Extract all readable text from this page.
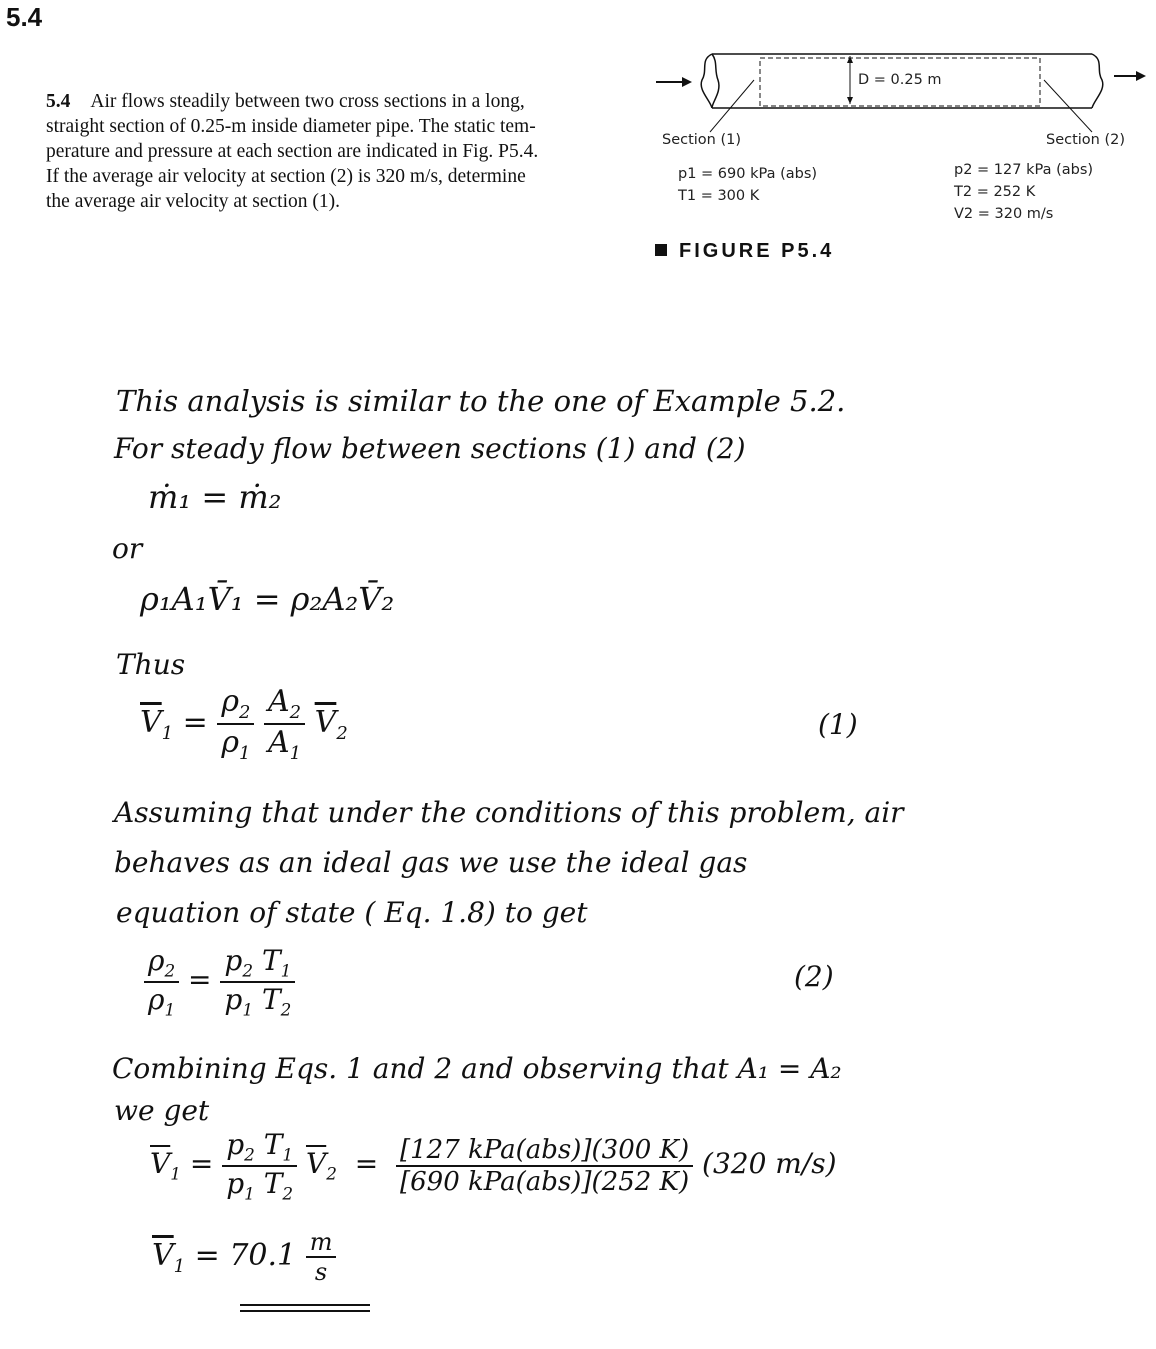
5.4
5.4 Air flows steadily between two cross sections in a long,
straight section of 0.25-m inside diameter pipe. The static tem-
perature and pressure at each section are indicated in Fig. P5.4.
If the average air velocity at section (2) is 320 m/s, determine
the average air velocity at section (1).
D = 0.25 m
Section (1)	Section (2)
p1 = 690 kPa (abs)
T1 = 300 K
p2 = 127 kPa (abs)
T2 = 252 K
V2 = 320 m/s
FIGURE P5.4
This analysis is similar to the one of Example 5.2.
For steady flow between sections (1) and (2)
ṁ₁ = ṁ₂
or
ρ₁A₁V̄₁ = ρ₂A₂V̄₂
Thus
$\overline{V}_1 = \frac{\rho_2}{\rho_1}$
$\frac{A_2}{A_1} \overline{V}_2$	(1)
Assuming that under the conditions of this problem, air
behaves as an ideal gas we use the ideal gas
equation of state ( Eq. 1.8) to get
$\frac{\rho_2}{\rho_1} = \frac{p_2 T_1}{p_1 T_2}$	(2)
Combining Eqs. 1 and 2 and observing that A₁ = A₂
we get
$\overline{V}_1 = \frac{p_2 T_1}{p_1 T_2} \overline{V}_2 = \frac{\text{[127 kPa(abs)](300 K)}}{\text{[690 kPa(abs)](252 K)}} (320$ m/s)
$\overline{V}_1 = 70.1 \frac{m}{s}$
